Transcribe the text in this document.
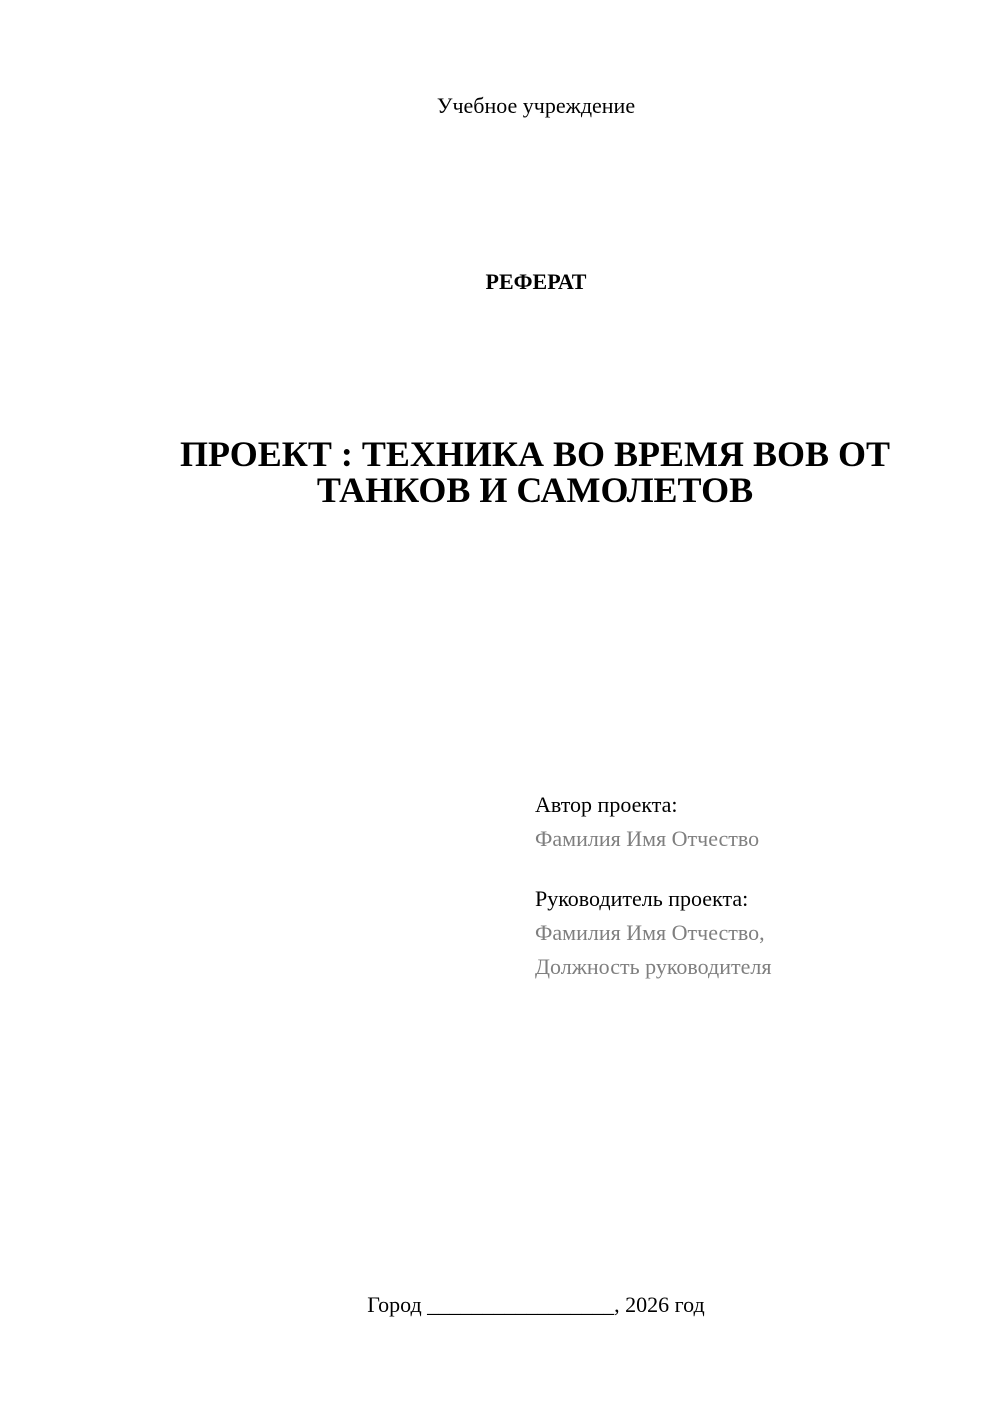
Учебное учреждение
РЕФЕРАТ
ПРОЕКТ : ТЕХНИКА ВО ВРЕМЯ ВОВ ОТ
ТАНКОВ И САМОЛЕТОВ
Автор проекта:
Фамилия Имя Отчество
Руководитель проекта:
Фамилия Имя Отчество,
Должность руководителя
Город _________________, 2026 год
